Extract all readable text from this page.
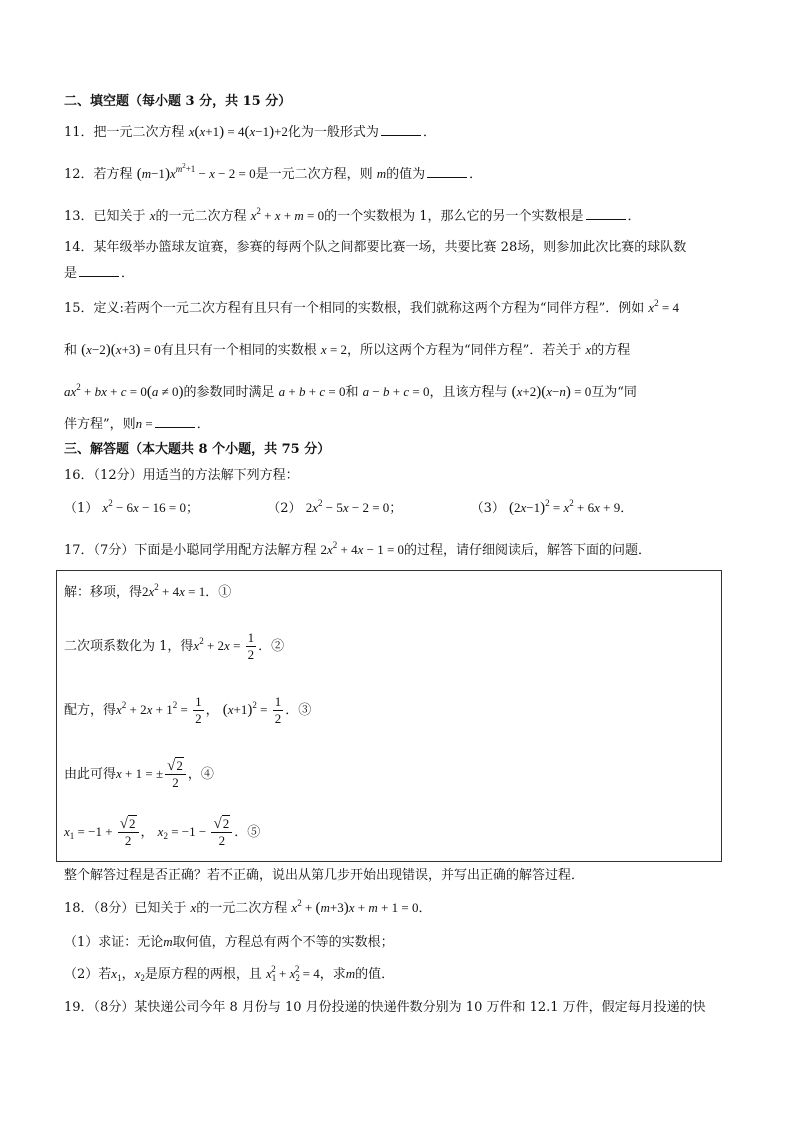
二、填空题（每小题 3 分，共 15 分）
11．把一元二次方程 x(x+1) = 4(x−1)+2化为一般形式为	．
12．若方程 $(m-1)x^{m^2+1} - x - 2 = 0$是一元二次方程，则 m的值为	．
13．已知关于 x的一元二次方程 $x^2 + x + m = 0$的一个实数根为 1，那么它的另一个实数根是	．
14．某年级举办篮球友谊赛，参赛的每两个队之间都要比赛一场，共要比赛 28场，则参加此次比赛的球队数
是	．
15．定义:若两个一元二次方程有且只有一个相同的实数根，我们就称这两个方程为“同伴方程”．例如 $x^2 = 4$
和 (x−2)(x+3) = 0有且只有一个相同的实数根 x = 2，所以这两个方程为“同伴方程”．若关于 x的方程
$ax^2$ + bx + c = 0(a ≠ 0)的参数同时满足 a + b + c = 0和 a − b + c = 0，且该方程与 (x+2)(x−n) = 0互为“同
伴方程”，则n =	．
三、解答题（本大题共 8 个小题，共 75 分）
16．（12分）用适当的方法解下列方程：
（1） $x^2 - 6x - 16 = 0$；	（2） $2x^2 - 5x - 2 = 0$；	（3） $(2x-1)^2 = x^2 + 6x + 9$．
17．（7分）下面是小聪同学用配方法解方程 $2x^2 + 4x - 1 = 0$的过程，请仔细阅读后，解答下面的问题．
解：移项，得$2x^2 + 4x = 1$．①
二次项系数化为 1，得$x^2 + 2x = \frac{1}{2}$ ．②
配方，得$x^2 + 2x + 1^2 = \frac{1}{2}$ ， $(x+1)^2 = \frac{1}{2}$ ．③
由此可得x + 1 = ± $\frac{√2}{2}$ ，④
$x_1 = -1 + \frac{√2}{2}$ ， $x_2 = -1 - \frac{√2}{2}$ ．⑤
整个解答过程是否正确？若不正确，说出从第几步开始出现错误，并写出正确的解答过程．
18．（8分）已知关于 x的一元二次方程 $x^2 + (m+3)x + m + 1 = 0$．
（1）求证：无论m取何值，方程总有两个不等的实数根；
（2）若$x_1$，$x_2$是原方程的两根，且 $x_1^2 + x_2^2 = 4$，求m的值．
19．（8分）某快递公司今年 8 月份与 10 月份投递的快递件数分别为 10 万件和 12.1 万件，假定每月投递的快
